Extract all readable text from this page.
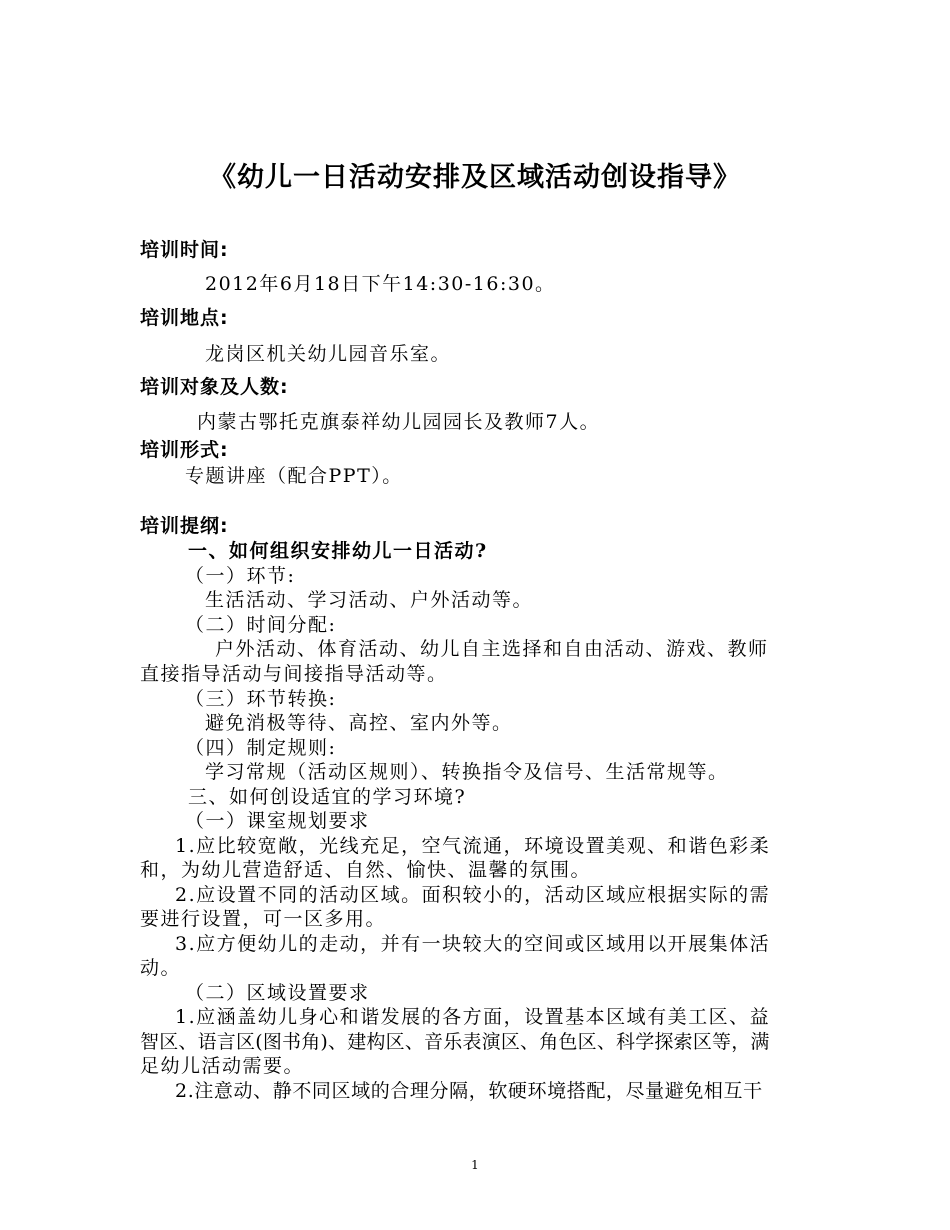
《幼儿一日活动安排及区域活动创设指导》
培训时间:
2012年6月18日下午14:30-16:30。
培训地点:
龙岗区机关幼儿园音乐室。
培训对象及人数:
内蒙古鄂托克旗泰祥幼儿园园长及教师7人。
培训形式:
专题讲座（配合PPT）。
培训提纲:
一、如何组织安排幼儿一日活动?
（一）环节:
生活活动、学习活动、户外活动等。
（二）时间分配:
户外活动、体育活动、幼儿自主选择和自由活动、游戏、教师
直接指导活动与间接指导活动等。
（三）环节转换:
避免消极等待、高控、室内外等。
（四）制定规则:
学习常规（活动区规则）、转换指令及信号、生活常规等。
三、如何创设适宜的学习环境?
（一）课室规划要求
1.应比较宽敞，光线充足，空气流通，环境设置美观、和谐色彩柔
和，为幼儿营造舒适、自然、愉快、温馨的氛围。
2.应设置不同的活动区域。面积较小的，活动区域应根据实际的需
要进行设置，可一区多用。
3.应方便幼儿的走动，并有一块较大的空间或区域用以开展集体活
动。
（二）区域设置要求
1.应涵盖幼儿身心和谐发展的各方面，设置基本区域有美工区、益
智区、语言区(图书角)、建构区、音乐表演区、角色区、科学探索区等，满
足幼儿活动需要。
2.注意动、静不同区域的合理分隔，软硬环境搭配，尽量避免相互干
1
